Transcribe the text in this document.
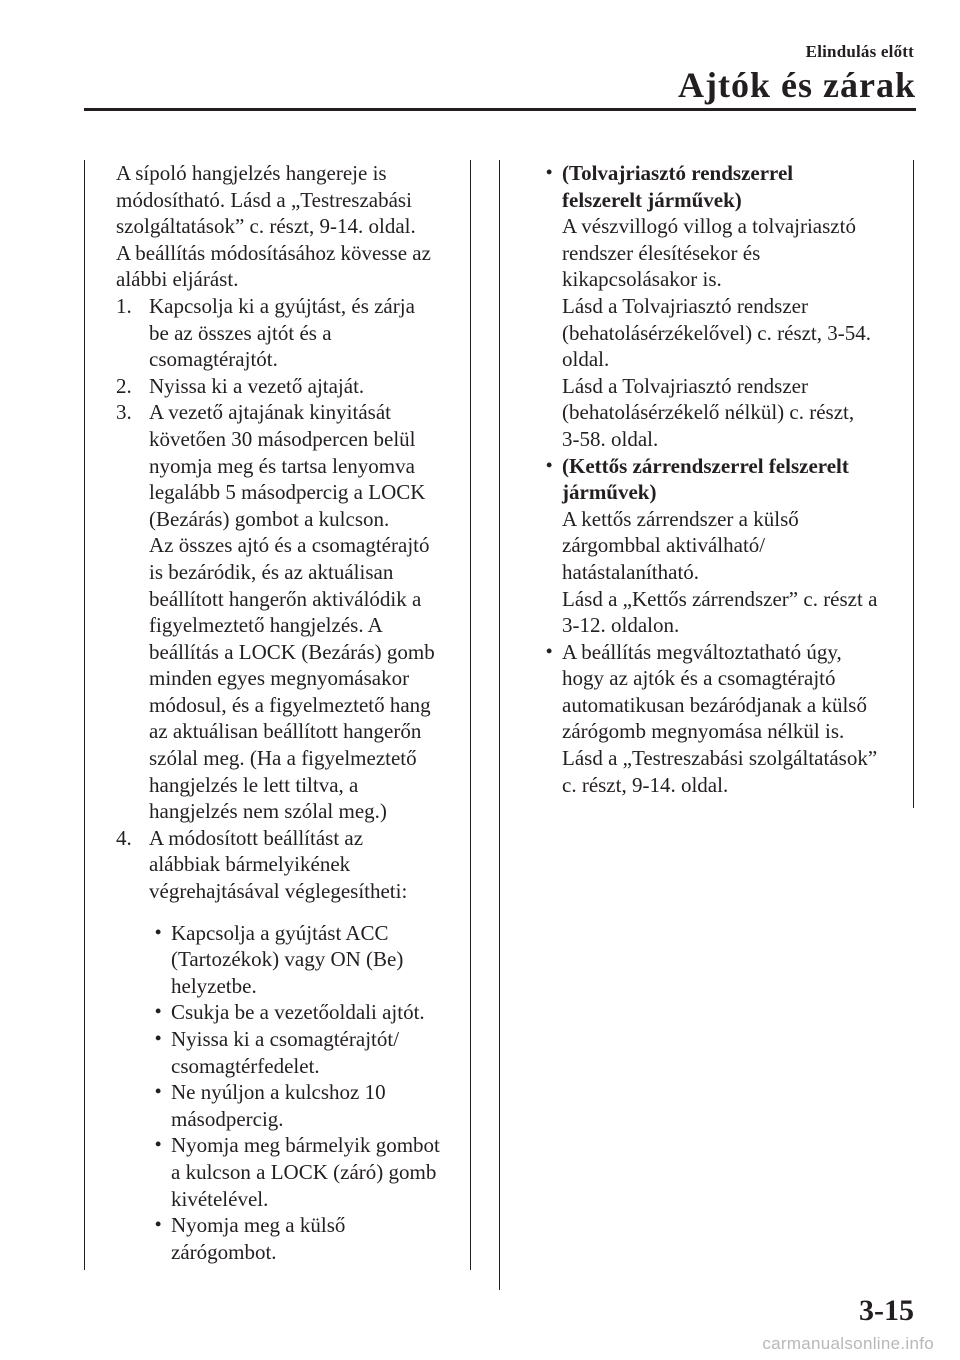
Elindulás előtt
Ajtók és zárak

A sípoló hangjelzés hangereje is

módosítható. Lásd a „Testreszabási

szolgáltatások” c. részt, 9-14. oldal.

A beállítás módosításához kövesse az

alábbi eljárást.

1. Kapcsolja ki a gyújtást, és zárja

be az összes ajtót és a

csomagtérajtót.

2. Nyissa ki a vezető ajtaját.

3. A vezető ajtajának kinyitását

követően 30 másodpercen belül

nyomja meg és tartsa lenyomva

legalább 5 másodpercig a LOCK

(Bezárás) gombot a kulcson.

Az összes ajtó és a csomagtérajtó

is bezáródik, és az aktuálisan

beállított hangerőn aktiválódik a

figyelmeztető hangjelzés. A

beállítás a LOCK (Bezárás) gomb

minden egyes megnyomásakor

módosul, és a figyelmeztető hang

az aktuálisan beállított hangerőn

szólal meg. (Ha a figyelmeztető

hangjelzés le lett tiltva, a

hangjelzés nem szólal meg.)

4. A módosított beállítást az

alábbiak bármelyikének

végrehajtásával véglegesítheti:

• Kapcsolja a gyújtást ACC

(Tartozékok) vagy ON (Be)

helyzetbe.

• Csukja be a vezetőoldali ajtót.

• Nyissa ki a csomagtérajtót/

csomagtérfedelet.

• Ne nyúljon a kulcshoz 10

másodpercig.

• Nyomja meg bármelyik gombot

a kulcson a LOCK (záró) gomb

kivételével.

• Nyomja meg a külső

zárógombot.

• (Tolvajriasztó rendszerrel

felszerelt járművek)

A vészvillogó villog a tolvajriasztó

rendszer élesítésekor és

kikapcsolásakor is.

Lásd a Tolvajriasztó rendszer

(behatolásérzékelővel) c. részt, 3-54.

oldal.

Lásd a Tolvajriasztó rendszer

(behatolásérzékelő nélkül) c. részt,

3-58. oldal.

• (Kettős zárrendszerrel felszerelt

járművek)

A kettős zárrendszer a külső

zárgombbal aktiválható/

hatástalanítható.

Lásd a „Kettős zárrendszer” c. részt a

3-12. oldalon.

• A beállítás megváltoztatható úgy,

hogy az ajtók és a csomagtérajtó

automatikusan bezáródjanak a külső

zárógomb megnyomása nélkül is.

Lásd a „Testreszabási szolgáltatások”

c. részt, 9-14. oldal.

3-15
carmanualsonline.info
